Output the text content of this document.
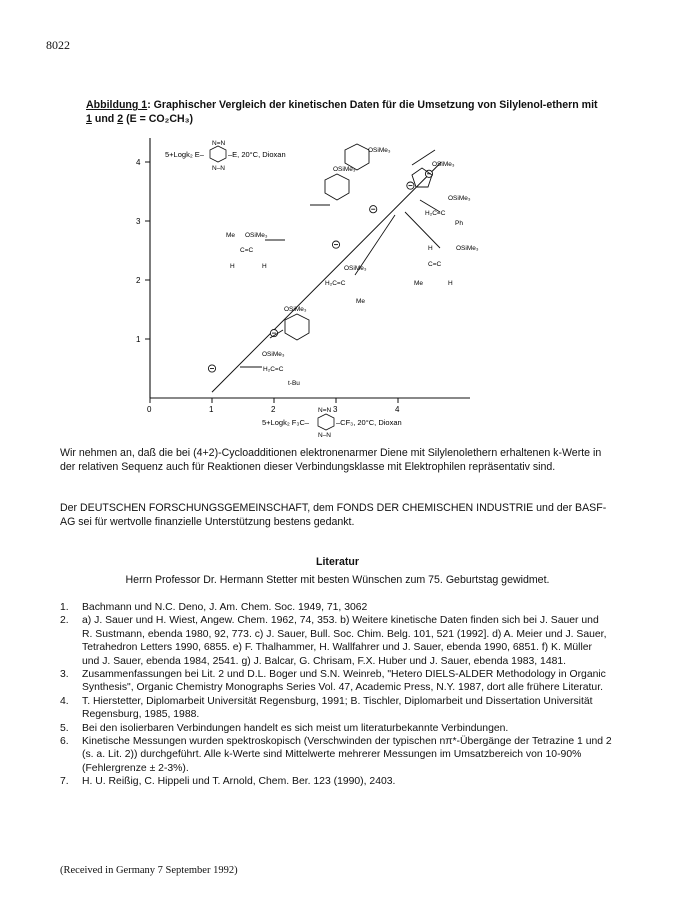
8022
Abbildung 1: Graphischer Vergleich der kinetischen Daten für die Umsetzung von Silylenol-ethern mit 1 und 2 (E = CO₂CH₃)
0	1	2	3	4
1
2
3
4
5+Logk₂ E–
N=N
N–N
–E, 20°C, Dioxan
5+Logk₂ F₃C–
N=N
N–N
–CF₃, 20°C, Dioxan
OSiMe₃
OSiMe₃
OSiMe₃
OSiMe₃
OSiMe₃
OSiMe₃
OSiMe₃
OSiMe₃
OSiMe₃
Me
H	H
Ph
Me	H
H
Me
H₂C=C
H₂C=C
H₂C=C
t-Bu
C=C
C=C
Wir nehmen an, daß die bei (4+2)-Cycloadditionen elektronenarmer Diene mit Silylenolethern erhaltenen k-Werte in der relativen Sequenz auch für Reaktionen dieser Verbindungsklasse mit Elektrophilen repräsentativ sind.
Der DEUTSCHEN FORSCHUNGSGEMEINSCHAFT, dem FONDS DER CHEMISCHEN INDUSTRIE und der BASF-AG sei für wertvolle finanzielle Unterstützung bestens gedankt.
Literatur
Herrn Professor Dr. Hermann Stetter mit besten Wünschen zum 75. Geburtstag gewidmet.
1.	Bachmann und N.C. Deno, J. Am. Chem. Soc. 1949, 71, 3062
2.	a) J. Sauer und H. Wiest, Angew. Chem. 1962, 74, 353. b) Weitere kinetische Daten finden sich bei J. Sauer und R. Sustmann, ebenda 1980, 92, 773. c) J. Sauer, Bull. Soc. Chim. Belg. 101, 521 (1992]. d) A. Meier und J. Sauer, Tetrahedron Letters 1990, 6855. e) F. Thalhammer, H. Wallfahrer und J. Sauer, ebenda 1990, 6851. f) K. Müller und J. Sauer, ebenda 1984, 2541. g) J. Balcar, G. Chrisam, F.X. Huber und J. Sauer, ebenda 1983, 1481.
3.	Zusammenfassungen bei Lit. 2 und D.L. Boger und S.N. Weinreb, "Hetero DIELS-ALDER Methodology in Organic Synthesis", Organic Chemistry Monographs Series Vol. 47, Academic Press, N.Y. 1987, dort alle frühere Literatur.
4.	T. Hierstetter, Diplomarbeit Universität Regensburg, 1991; B. Tischler, Diplomarbeit und Dissertation Universität Regensburg, 1985, 1988.
5.	Bei den isolierbaren Verbindungen handelt es sich meist um literaturbekannte Verbindungen.
6.	Kinetische Messungen wurden spektroskopisch (Verschwinden der typischen nπ*-Übergänge der Tetrazine 1 und 2 (s. a. Lit. 2)) durchgeführt. Alle k-Werte sind Mittelwerte mehrerer Messungen im Umsatzbereich von 10-90% (Fehlergrenze ± 2-3%).
7.	H. U. Reißig, C. Hippeli und T. Arnold, Chem. Ber. 123 (1990), 2403.
(Received in Germany 7 September 1992)
